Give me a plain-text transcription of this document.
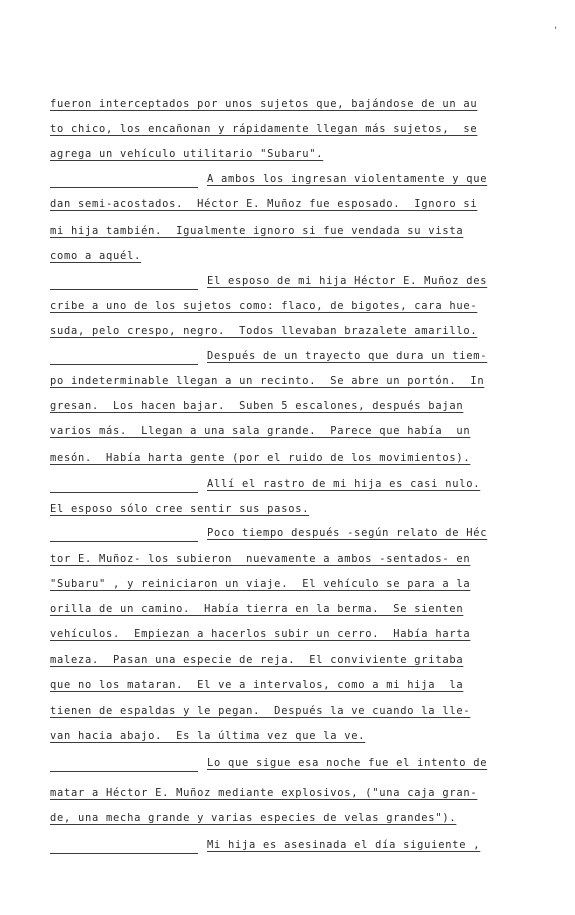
'
fueron interceptados por unos sujetos que, bajándose de un au
to chico, los encañonan y rápidamente llegan más sujetos,  se
agrega un vehículo utilitario "Subaru".
A ambos los ingresan violentamente y que
dan semi-acostados.  Héctor E. Muñoz fue esposado.  Ignoro si
mi hija también.  Igualmente ignoro si fue vendada su vista
como a aquél.
El esposo de mi hija Héctor E. Muñoz des
cribe a uno de los sujetos como: flaco, de bigotes, cara hue-
suda, pelo crespo, negro.  Todos llevaban brazalete amarillo.
Después de un trayecto que dura un tiem-
po indeterminable llegan a un recinto.  Se abre un portón.  In
gresan.  Los hacen bajar.  Suben 5 escalones, después bajan
varios más.  Llegan a una sala grande.  Parece que había  un
mesón.  Había harta gente (por el ruido de los movimientos).
Allí el rastro de mi hija es casi nulo.
El esposo sólo cree sentir sus pasos.
Poco tiempo después -según relato de Héc
tor E. Muñoz- los subieron  nuevamente a ambos -sentados- en
"Subaru" , y reiniciaron un viaje.  El vehículo se para a la
orilla de un camino.  Había tierra en la berma.  Se sienten
vehículos.  Empiezan a hacerlos subir un cerro.  Había harta
maleza.  Pasan una especie de reja.  El conviviente gritaba
que no los mataran.  El ve a intervalos, como a mi hija  la
tienen de espaldas y le pegan.  Después la ve cuando la lle-
van hacia abajo.  Es la última vez que la ve.
Lo que sigue esa noche fue el intento de
matar a Héctor E. Muñoz mediante explosivos, ("una caja gran-
de, una mecha grande y varias especies de velas grandes").
Mi hija es asesinada el día siguiente ,
